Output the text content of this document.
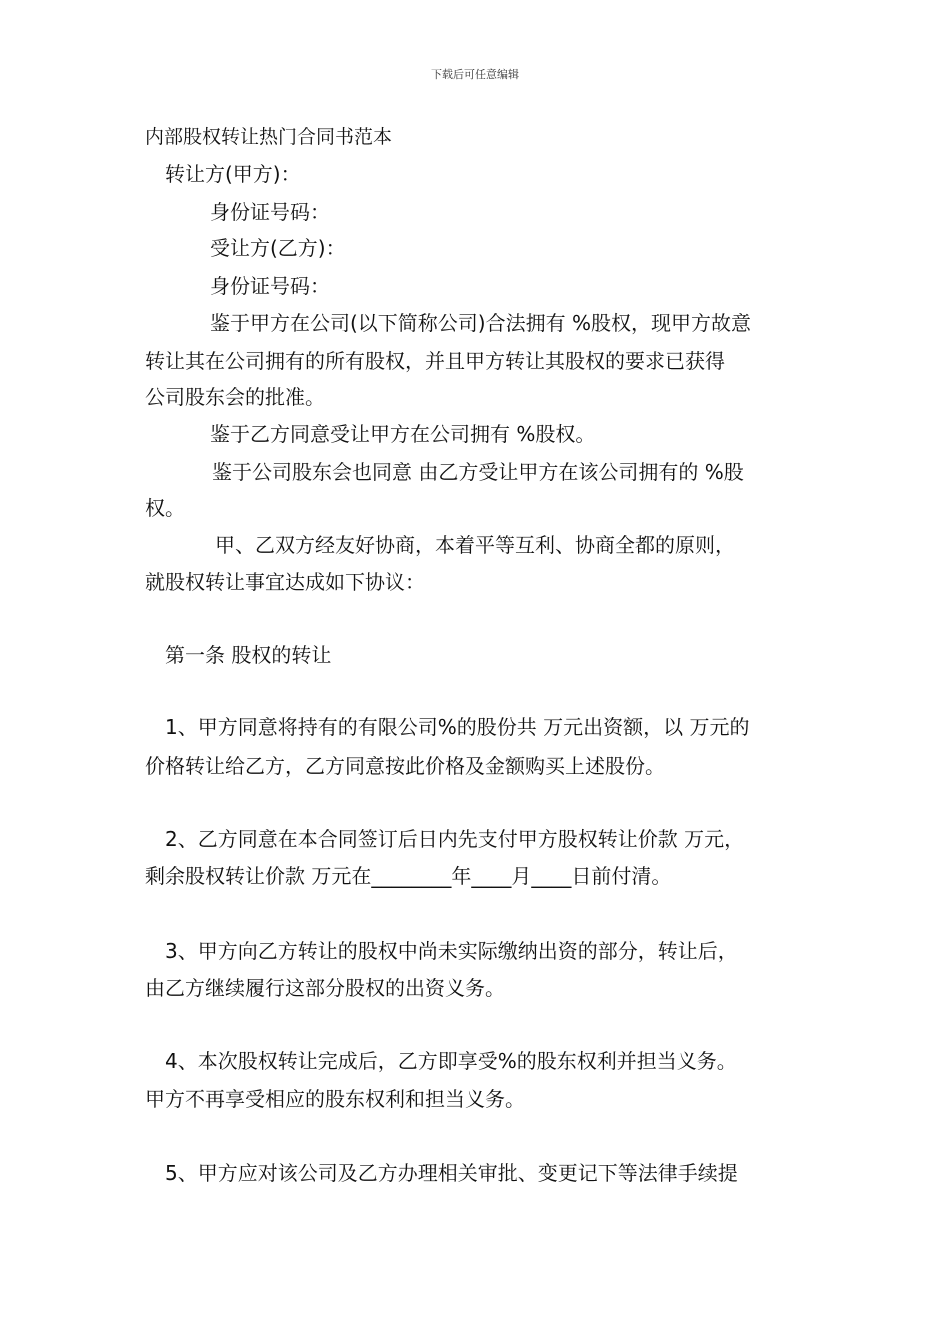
下载后可任意编辑
内部股权转让热门合同书范本
转让方(甲方)：
身份证号码：
受让方(乙方)：
身份证号码：
鉴于甲方在公司(以下简称公司)合法拥有 %股权，现甲方故意
转让其在公司拥有的所有股权，并且甲方转让其股权的要求已获得
公司股东会的批准。
鉴于乙方同意受让甲方在公司拥有 %股权。
鉴于公司股东会也同意 由乙方受让甲方在该公司拥有的 %股
权。
甲、乙双方经友好协商，本着平等互利、协商全都的原则，
就股权转让事宜达成如下协议：
第一条 股权的转让
1、甲方同意将持有的有限公司%的股份共 万元出资额，以 万元的
价格转让给乙方，乙方同意按此价格及金额购买上述股份。
2、乙方同意在本合同签订后日内先支付甲方股权转让价款 万元，
剩余股权转让价款 万元在________年____月____日前付清。
3、甲方向乙方转让的股权中尚未实际缴纳出资的部分，转让后，
由乙方继续履行这部分股权的出资义务。
4、本次股权转让完成后，乙方即享受%的股东权利并担当义务。
甲方不再享受相应的股东权利和担当义务。
5、甲方应对该公司及乙方办理相关审批、变更记下等法律手续提
